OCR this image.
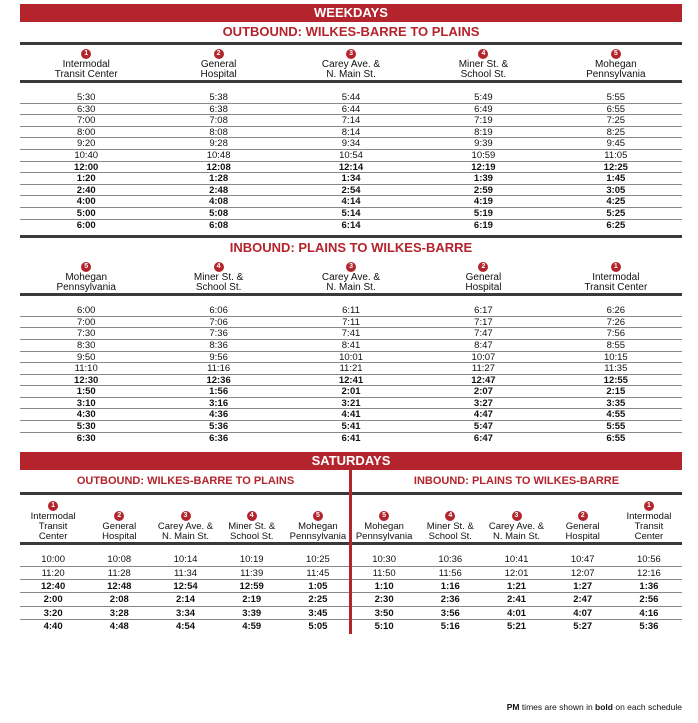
WEEKDAYS
OUTBOUND: WILKES-BARRE TO PLAINS
1
Intermodal
Transit Center
2
General
Hospital
3
Carey Ave. &
N. Main St.
4
Miner St. &
School St.
5
Mohegan
Pennsylvania
5:30	5:38	5:44	5:49	5:55
6:30	6:38	6:44	6:49	6:55
7:00	7:08	7:14	7:19	7:25
8:00	8:08	8:14	8:19	8:25
9:20	9:28	9:34	9:39	9:45
10:40	10:48	10:54	10:59	11:05
12:00	12:08	12:14	12:19	12:25
1:20	1:28	1:34	1:39	1:45
2:40	2:48	2:54	2:59	3:05
4:00	4:08	4:14	4:19	4:25
5:00	5:08	5:14	5:19	5:25
6:00	6:08	6:14	6:19	6:25
INBOUND: PLAINS TO WILKES-BARRE
5
Mohegan
Pennsylvania
4
Miner St. &
School St.
3
Carey Ave. &
N. Main St.
2
General
Hospital
1
Intermodal
Transit Center
6:00	6:06	6:11	6:17	6:26
7:00	7:06	7:11	7:17	7:26
7:30	7:36	7:41	7:47	7:56
8:30	8:36	8:41	8:47	8:55
9:50	9:56	10:01	10:07	10:15
11:10	11:16	11:21	11:27	11:35
12:30	12:36	12:41	12:47	12:55
1:50	1:56	2:01	2:07	2:15
3:10	3:16	3:21	3:27	3:35
4:30	4:36	4:41	4:47	4:55
5:30	5:36	5:41	5:47	5:55
6:30	6:36	6:41	6:47	6:55
SATURDAYS
OUTBOUND: WILKES-BARRE TO PLAINS
1
Intermodal
Transit
Center
2
General
Hospital
3
Carey Ave. &
N. Main St.
4
Miner St. &
School St.
5
Mohegan
Pennsylvania
10:00	10:08	10:14	10:19	10:25
11:20	11:28	11:34	11:39	11:45
12:40	12:48	12:54	12:59	1:05
2:00	2:08	2:14	2:19	2:25
3:20	3:28	3:34	3:39	3:45
4:40	4:48	4:54	4:59	5:05
INBOUND: PLAINS TO WILKES-BARRE
5
Mohegan
Pennsylvania
4
Miner St. &
School St.
3
Carey Ave. &
N. Main St.
2
General
Hospital
1
Intermodal
Transit
Center
10:30	10:36	10:41	10:47	10:56
11:50	11:56	12:01	12:07	12:16
1:10	1:16	1:21	1:27	1:36
2:30	2:36	2:41	2:47	2:56
3:50	3:56	4:01	4:07	4:16
5:10	5:16	5:21	5:27	5:36
PM times are shown in bold on each schedule
